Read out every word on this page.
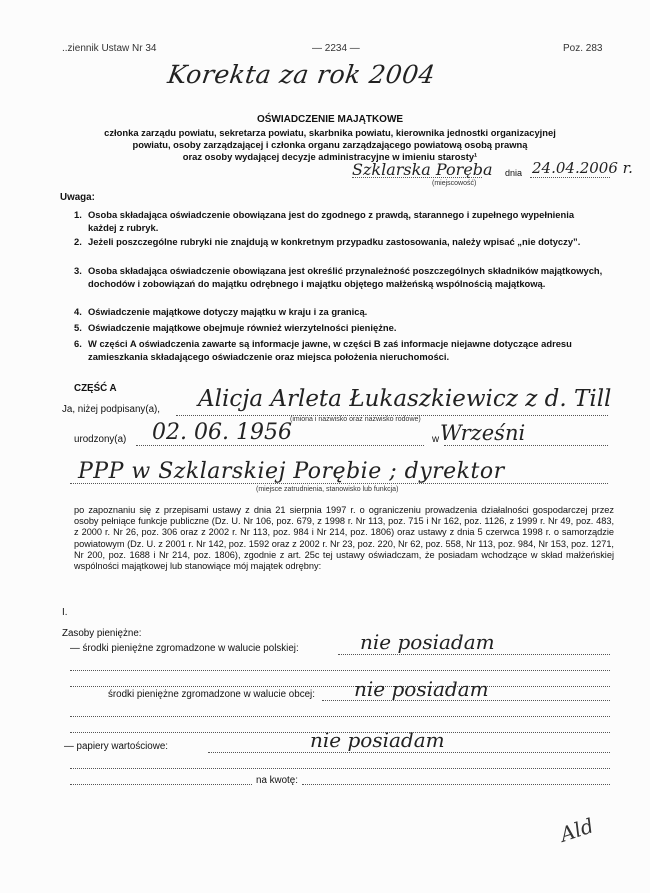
..ziennik Ustaw Nr 34	— 2234 —	Poz. 283
Korekta za rok 2004
OŚWIADCZENIE MAJĄTKOWE
członka zarządu powiatu, sekretarza powiatu, skarbnika powiatu, kierownika jednostki organizacyjnej
powiatu, osoby zarządzającej i członka organu zarządzającego powiatową osobą prawną
oraz osoby wydającej decyzje administracyjne w imieniu starosty¹
Szklarska Poręba dnia 24.04.2006 r.
(miejscowość)
Uwaga:
1. Osoba składająca oświadczenie obowiązana jest do zgodnego z prawdą, starannego i zupełnego wypełnienia każdej z rubryk.
2. Jeżeli poszczególne rubryki nie znajdują w konkretnym przypadku zastosowania, należy wpisać „nie dotyczy”.
3. Osoba składająca oświadczenie obowiązana jest określić przynależność poszczególnych składników majątkowych, dochodów i zobowiązań do majątku odrębnego i majątku objętego małżeńską wspólnością majątkową.
4. Oświadczenie majątkowe dotyczy majątku w kraju i za granicą.
5. Oświadczenie majątkowe obejmuje również wierzytelności pieniężne.
6. W części A oświadczenia zawarte są informacje jawne, w części B zaś informacje niejawne dotyczące adresu zamieszkania składającego oświadczenie oraz miejsca położenia nieruchomości.
CZĘŚĆ A
Ja, niżej podpisany(a), Alicja Arleta Łukaszkiewicz z d. Till
(imiona i nazwisko oraz nazwisko rodowe)
urodzony(a) 02. 06. 1956	w Wrześni
PPP w Szklarskiej Porębie ; dyrektor
(miejsce zatrudnienia, stanowisko lub funkcja)
po zapoznaniu się z przepisami ustawy z dnia 21 sierpnia 1997 r. o ograniczeniu prowadzenia działalności gospodarczej przez osoby pełniące funkcje publiczne (Dz. U. Nr 106, poz. 679, z 1998 r. Nr 113, poz. 715 i Nr 162, poz. 1126, z 1999 r. Nr 49, poz. 483, z 2000 r. Nr 26, poz. 306 oraz z 2002 r. Nr 113, poz. 984 i Nr 214, poz. 1806) oraz ustawy z dnia 5 czerwca 1998 r. o samorządzie powiatowym (Dz. U. z 2001 r. Nr 142, poz. 1592 oraz z 2002 r. Nr 23, poz. 220, Nr 62, poz. 558, Nr 113, poz. 984, Nr 153, poz. 1271, Nr 200, poz. 1688 i Nr 214, poz. 1806), zgodnie z art. 25c tej ustawy oświadczam, że posiadam wchodzące w skład małżeńskiej wspólności majątkowej lub stanowiące mój majątek odrębny:
I.
Zasoby pieniężne:
— środki pieniężne zgromadzone w walucie polskiej:	nie posiadam
środki pieniężne zgromadzone w walucie obcej: nie posiadam
— papiery wartościowe:	nie posiadam
na kwotę:
Ald
